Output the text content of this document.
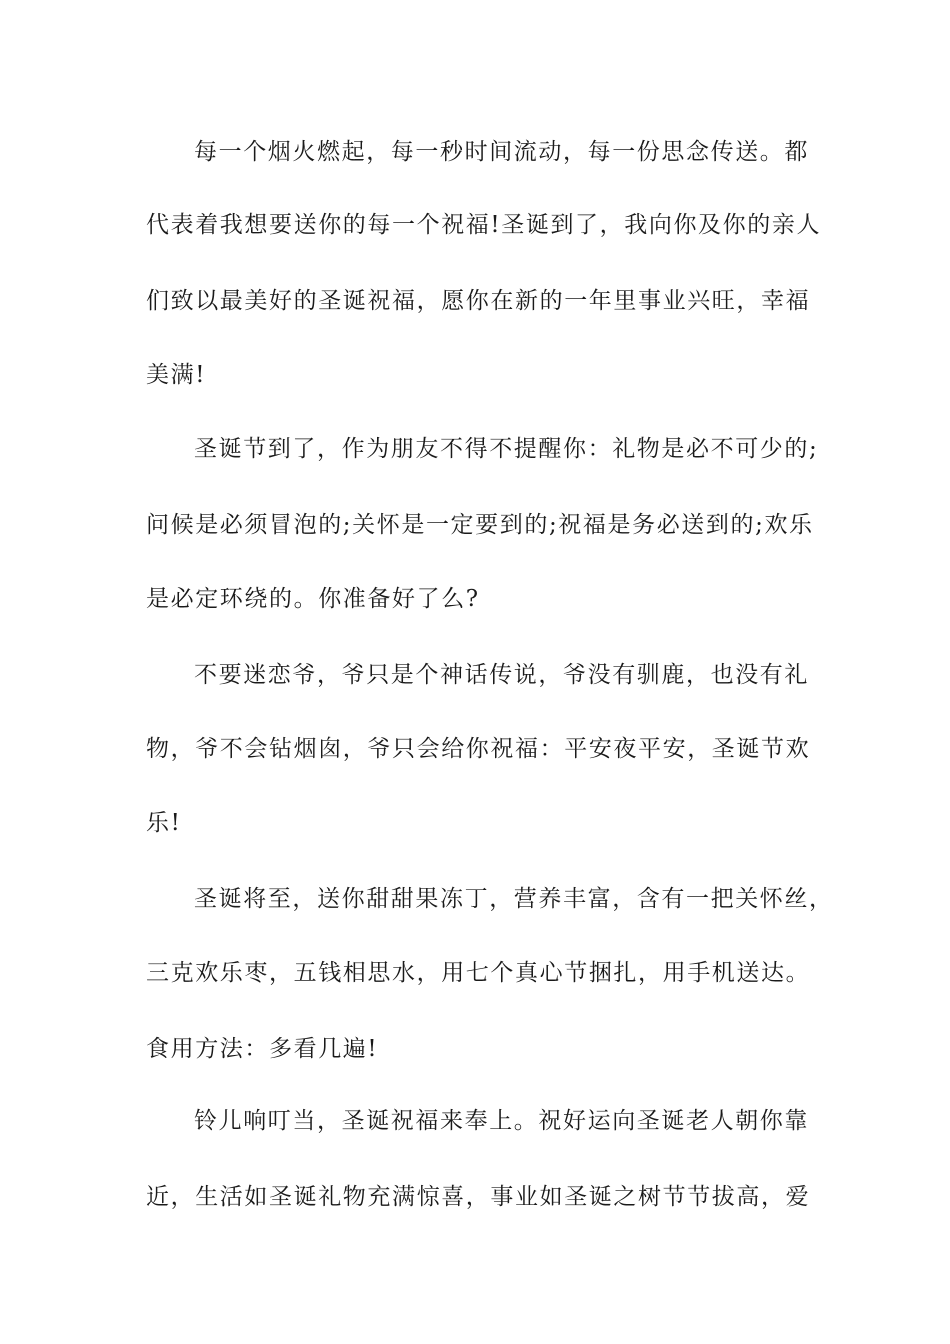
每一个烟火燃起，每一秒时间流动，每一份思念传送。都
代表着我想要送你的每一个祝福!圣诞到了，我向你及你的亲人
们致以最美好的圣诞祝福，愿你在新的一年里事业兴旺，幸福
美满!
圣诞节到了，作为朋友不得不提醒你：礼物是必不可少的;
问候是必须冒泡的;关怀是一定要到的;祝福是务必送到的;欢乐
是必定环绕的。你准备好了么?
不要迷恋爷，爷只是个神话传说，爷没有驯鹿，也没有礼
物，爷不会钻烟囱，爷只会给你祝福：平安夜平安，圣诞节欢
乐!
圣诞将至，送你甜甜果冻丁，营养丰富，含有一把关怀丝，
三克欢乐枣，五钱相思水，用七个真心节捆扎，用手机送达。
食用方法：多看几遍!
铃儿响叮当，圣诞祝福来奉上。祝好运向圣诞老人朝你靠
近，生活如圣诞礼物充满惊喜，事业如圣诞之树节节拔高，爱
